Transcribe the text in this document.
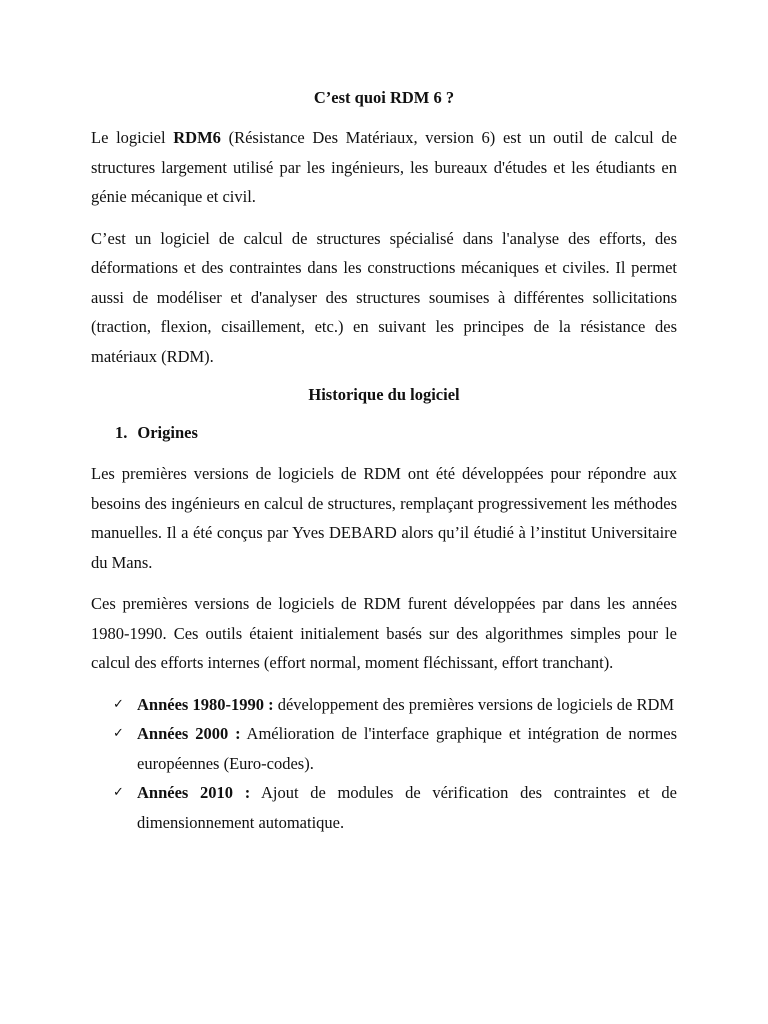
C’est quoi RDM 6 ?

Le logiciel RDM6 (Résistance Des Matériaux, version 6) est un outil de calcul de structures largement utilisé par les ingénieurs, les bureaux d'études et les étudiants en génie mécanique et civil.

C’est un logiciel de calcul de structures spécialisé dans l'analyse des efforts, des déformations et des contraintes dans les constructions mécaniques et civiles. Il permet aussi de modéliser et d'analyser des structures soumises à différentes sollicitations (traction, flexion, cisaillement, etc.) en suivant les principes de la résistance des matériaux (RDM).

Historique du logiciel
1. Origines

Les premières versions de logiciels de RDM ont été développées pour répondre aux besoins des ingénieurs en calcul de structures, remplaçant progressivement les méthodes manuelles. Il a été conçus par Yves DEBARD alors qu’il étudié à l’institut Universitaire du Mans.

Ces premières versions de logiciels de RDM furent développées par dans les années 1980-1990. Ces outils étaient initialement basés sur des algorithmes simples pour le calcul des efforts internes (effort normal, moment fléchissant, effort tranchant).

✓ Années 1980-1990 : développement des premières versions de logiciels de RDM
✓ Années 2000 : Amélioration de l'interface graphique et intégration de normes européennes (Euro-codes).
✓ Années 2010 : Ajout de modules de vérification des contraintes et de dimensionnement automatique.
